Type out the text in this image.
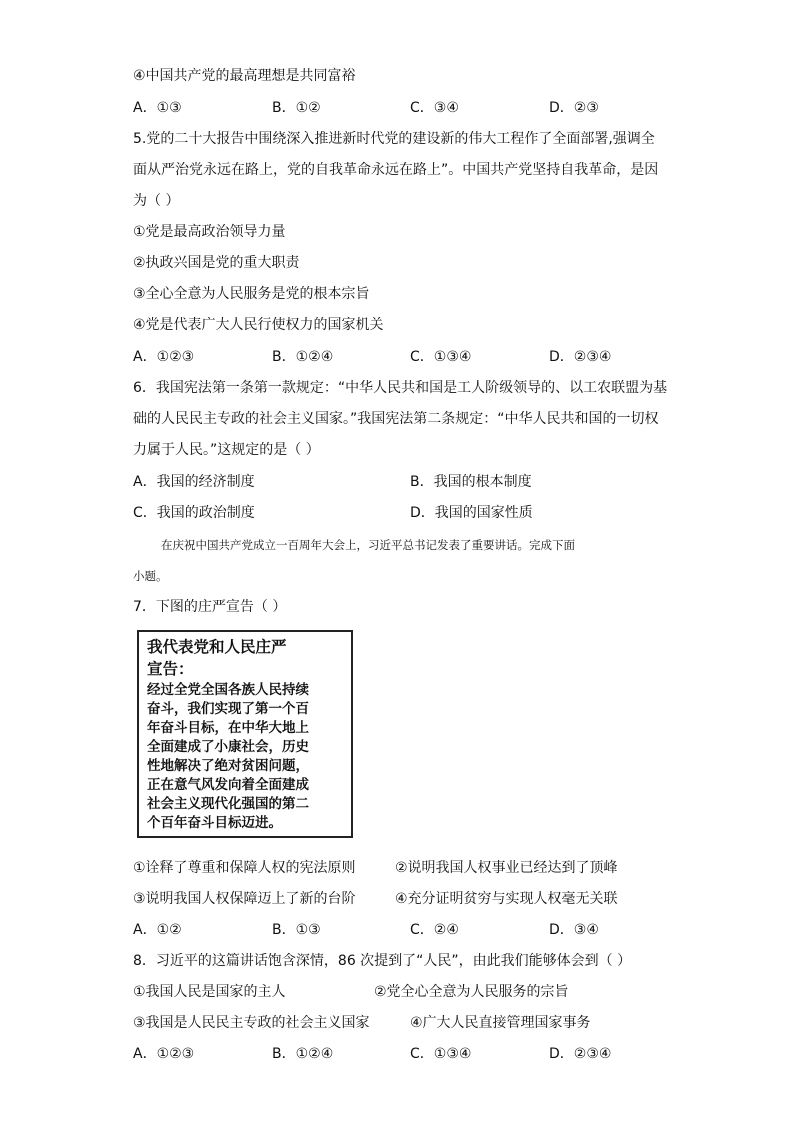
④中国共产党的最高理想是共同富裕
A．①③	B．①②	C．③④	D．②③
5.党的二十大报告中围绕深入推进新时代党的建设新的伟大工程作了全面部署,强调全
面从严治党永远在路上，党的自我革命永远在路上”。中国共产党坚持自我革命，是因
为（ ）
①党是最高政治领导力量
②执政兴国是党的重大职责
③全心全意为人民服务是党的根本宗旨
④党是代表广大人民行使权力的国家机关
A．①②③	B．①②④	C．①③④	D．②③④
6．我国宪法第一条第一款规定：“中华人民共和国是工人阶级领导的、以工农联盟为基
础的人民民主专政的社会主义国家。”我国宪法第二条规定：“中华人民共和国的一切权
力属于人民。”这规定的是（ ）
A．我国的经济制度	B．我国的根本制度
C．我国的政治制度	D．我国的国家性质
在庆祝中国共产党成立一百周年大会上，习近平总书记发表了重要讲话。完成下面
小题。
7．下图的庄严宣告（ ）
我代表党和人民庄严
宣告：
经过全党全国各族人民持续
奋斗，我们实现了第一个百
年奋斗目标，在中华大地上
全面建成了小康社会，历史
性地解决了绝对贫困问题，
正在意气风发向着全面建成
社会主义现代化强国的第二
个百年奋斗目标迈进。
①诠释了尊重和保障人权的宪法原则	②说明我国人权事业已经达到了顶峰
③说明我国人权保障迈上了新的台阶	④充分证明贫穷与实现人权毫无关联
A．①②	B．①③	C．②④	D．③④
8．习近平的这篇讲话饱含深情，86 次提到了“人民”，由此我们能够体会到（ ）
①我国人民是国家的主人	②党全心全意为人民服务的宗旨
③我国是人民民主专政的社会主义国家	④广大人民直接管理国家事务
A．①②③	B．①②④	C．①③④	D．②③④
